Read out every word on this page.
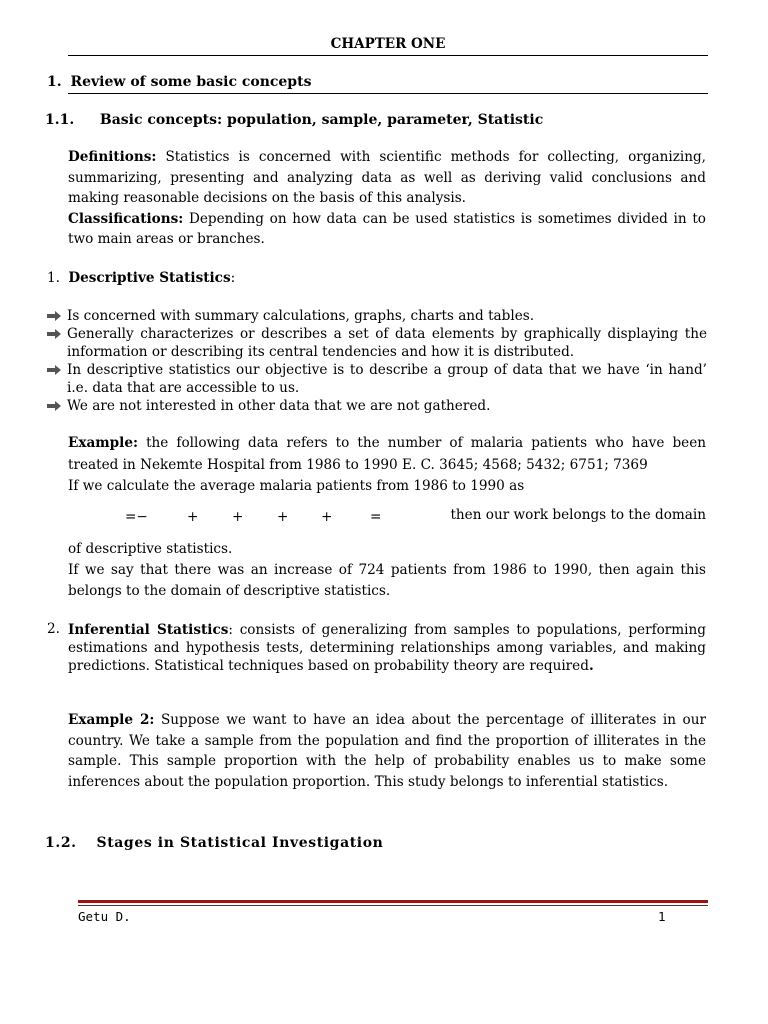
CHAPTER ONE
1. Review of some basic concepts
1.1. Basic concepts: population, sample, parameter, Statistic
Definitions: Statistics is concerned with scientific methods for collecting, organizing, summarizing, presenting and analyzing data as well as deriving valid conclusions and making reasonable decisions on the basis of this analysis.
Classifications: Depending on how data can be used statistics is sometimes divided in to two main areas or branches.
1. Descriptive Statistics:
Is concerned with summary calculations, graphs, charts and tables.
Generally characterizes or describes a set of data elements by graphically displaying the information or describing its central tendencies and how it is distributed.
In descriptive statistics our objective is to describe a group of data that we have ‘in hand’ i.e. data that are accessible to us.
We are not interested in other data that we are not gathered.
Example: the following data refers to the number of malaria patients who have been treated in Nekemte Hospital from 1986 to 1990 E. C. 3645; 4568; 5432; 6751; 7369
If we calculate the average malaria patients from 1986 to 1990 as
=−	+ + + +	=	then our work belongs to the domain
of descriptive statistics.
If we say that there was an increase of 724 patients from 1986 to 1990, then again this belongs to the domain of descriptive statistics.
2. Inferential Statistics: consists of generalizing from samples to populations, performing estimations and hypothesis tests, determining relationships among variables, and making predictions. Statistical techniques based on probability theory are required.
Example 2: Suppose we want to have an idea about the percentage of illiterates in our country. We take a sample from the population and find the proportion of illiterates in the sample. This sample proportion with the help of probability enables us to make some inferences about the population proportion. This study belongs to inferential statistics.
1.2. Stages in Statistical Investigation
Getu D.	1
